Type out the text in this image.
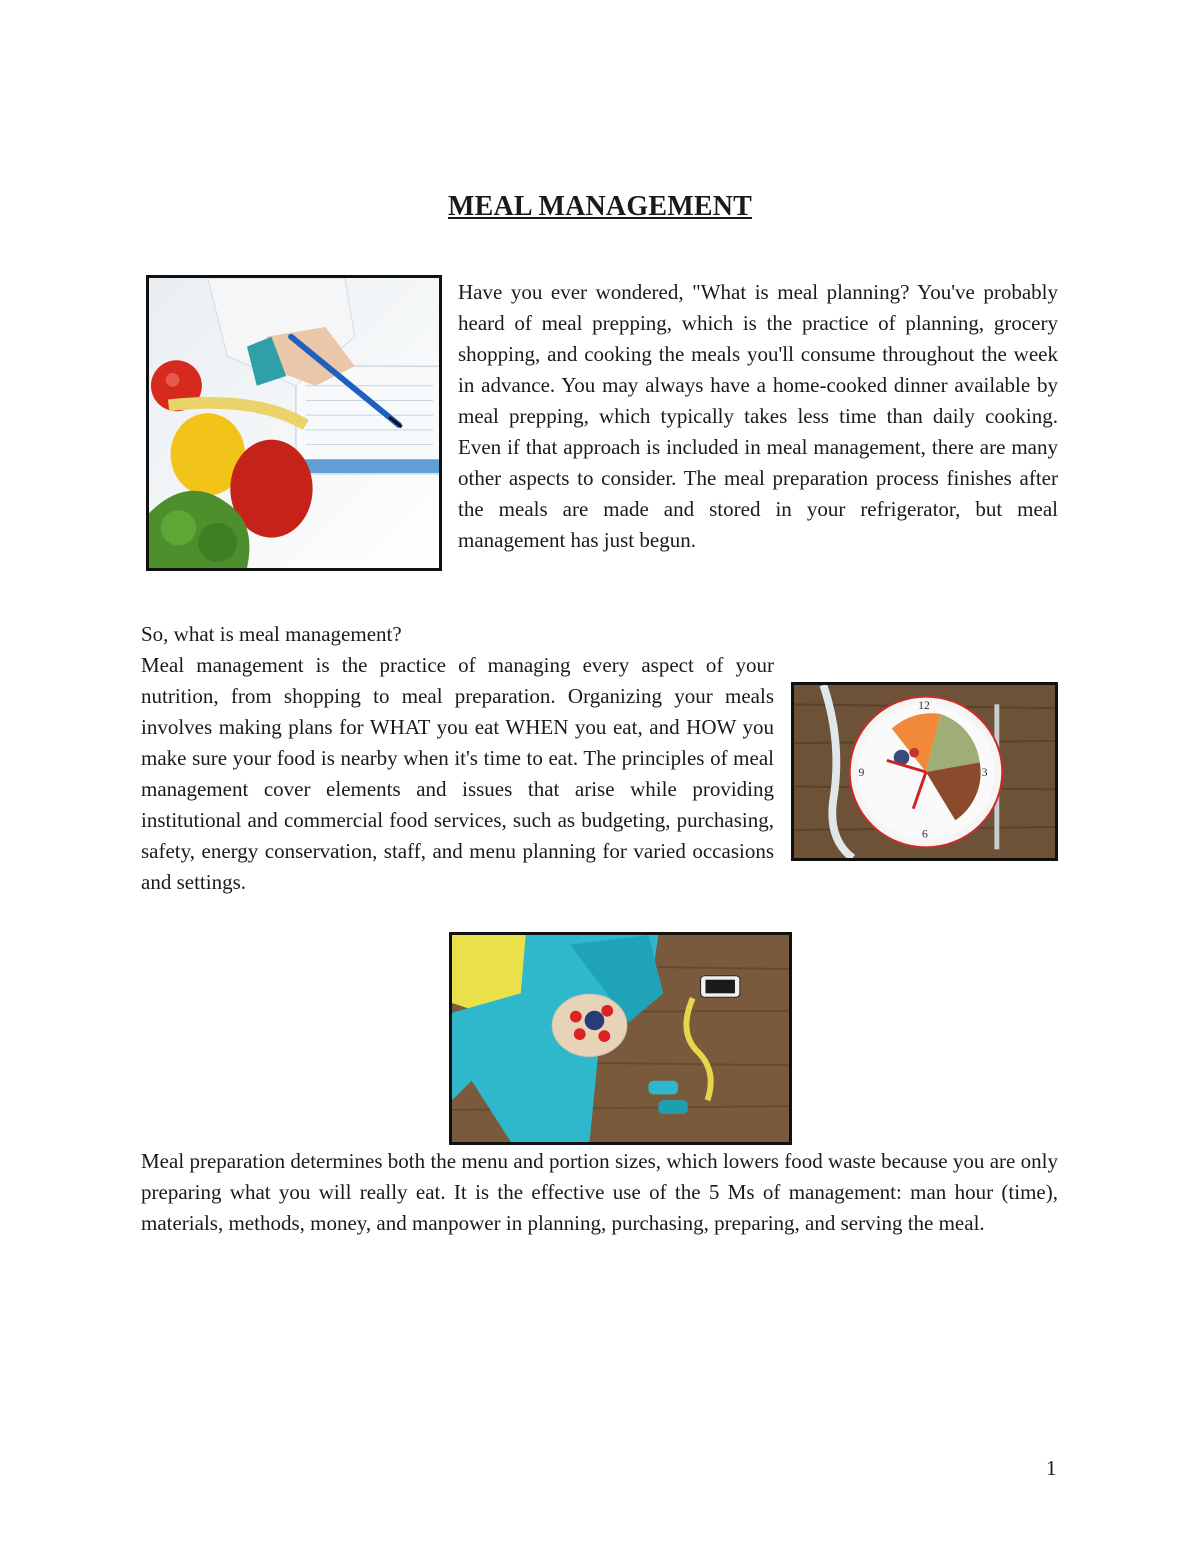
MEAL MANAGEMENT

Have you ever wondered, "What is meal planning? You've probably heard of meal prepping, which is the practice of planning, grocery shopping, and cooking the meals you'll consume throughout the week in advance. You may always have a home-cooked dinner available by meal prepping, which typically takes less time than daily cooking. Even if that approach is included in meal management, there are many other aspects to consider. The meal preparation process finishes after the meals are made and stored in your refrigerator, but meal management has just begun.

So, what is meal management?
Meal management is the practice of managing every aspect of your nutrition, from shopping to meal preparation. Organizing your meals involves making plans for WHAT you eat WHEN you eat, and HOW you make sure your food is nearby when it's time to eat. The principles of meal management cover elements and issues that arise while providing institutional and commercial food services, such as budgeting, purchasing, safety, energy conservation, staff, and menu planning for varied occasions and settings.
12
3
6
9

Meal preparation determines both the menu and portion sizes, which lowers food waste because you are only preparing what you will really eat. It is the effective use of the 5 Ms of management: man hour (time), materials, methods, money, and manpower in planning, purchasing, preparing, and serving the meal.

1
